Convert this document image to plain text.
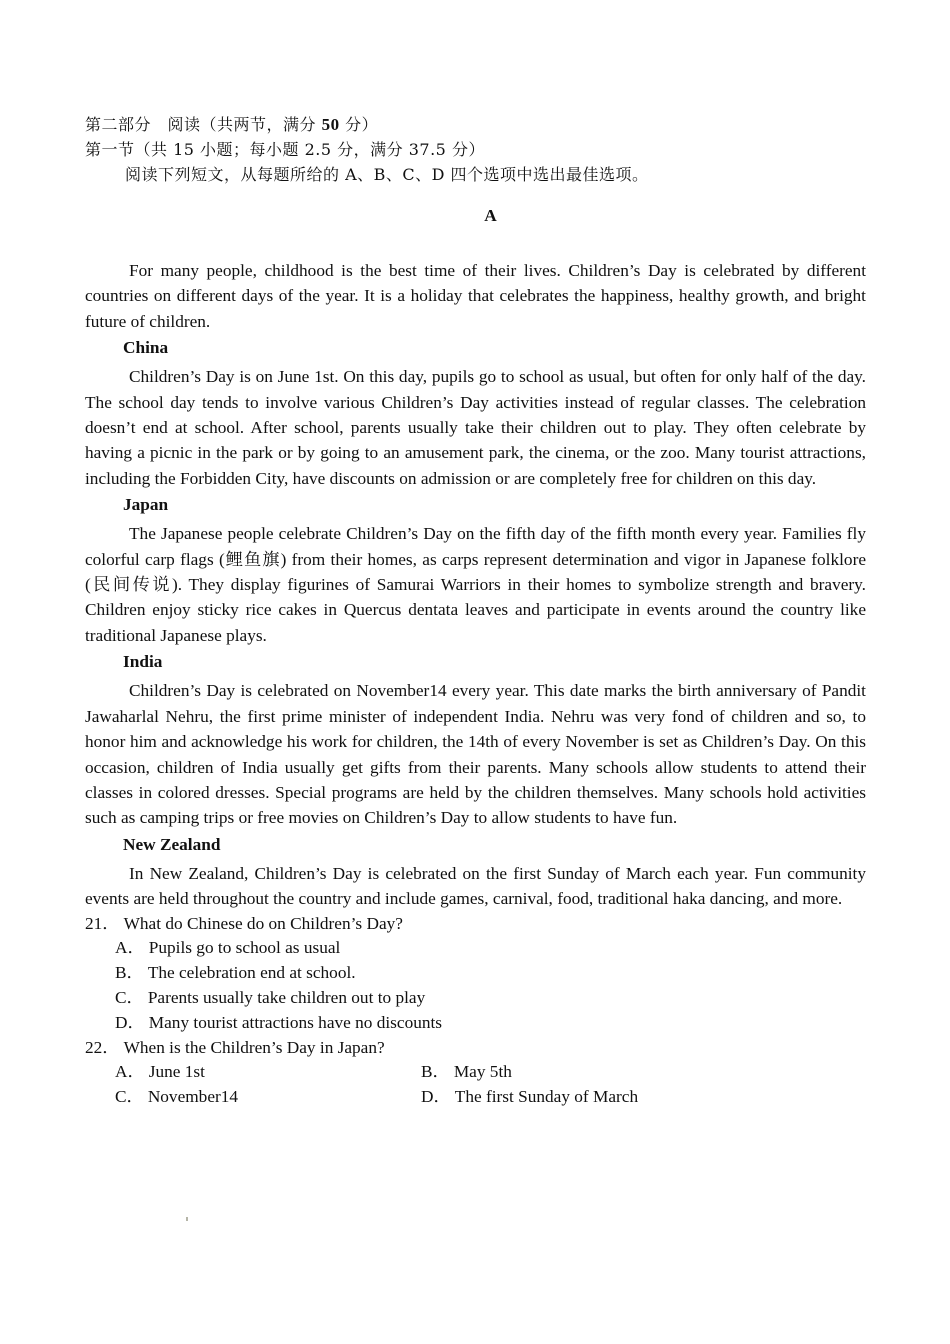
第二部分　阅读（共两节，满分 50 分）
第一节（共 15 小题；每小题 2.5 分，满分 37.5 分）
阅读下列短文，从每题所给的 A、B、C、D 四个选项中选出最佳选项。
A
For many people, childhood is the best time of their lives. Children’s Day is celebrated by different countries on different days of the year. It is a holiday that celebrates the happiness, healthy growth, and bright future of children.
China
Children’s Day is on June 1st. On this day, pupils go to school as usual, but often for only half of the day. The school day tends to involve various Children’s Day activities instead of regular classes. The celebration doesn’t end at school. After school, parents usually take their children out to play. They often celebrate by having a picnic in the park or by going to an amusement park, the cinema, or the zoo. Many tourist attractions, including the Forbidden City, have discounts on admission or are completely free for children on this day.
Japan
The Japanese people celebrate Children’s Day on the fifth day of the fifth month every year. Families fly colorful carp flags (鲤鱼旗) from their homes, as carps represent determination and vigor in Japanese folklore (民间传说). They display figurines of Samurai Warriors in their homes to symbolize strength and bravery. Children enjoy sticky rice cakes in Quercus dentata leaves and participate in events around the country like traditional Japanese plays.
India
Children’s Day is celebrated on November14 every year. This date marks the birth anniversary of Pandit Jawaharlal Nehru, the first prime minister of independent India. Nehru was very fond of children and so, to honor him and acknowledge his work for children, the 14th of every November is set as Children’s Day. On this occasion, children of India usually get gifts from their parents. Many schools allow students to attend their classes in colored dresses. Special programs are held by the children themselves. Many schools hold activities such as camping trips or free movies on Children’s Day to allow students to have fun.
New Zealand
In New Zealand, Children’s Day is celebrated on the first Sunday of March each year. Fun community events are held throughout the country and include games, carnival, food, traditional haka dancing, and more.
21． What do Chinese do on Children’s Day?
A． Pupils go to school as usual
B． The celebration end at school.
C． Parents usually take children out to play
D． Many tourist attractions have no discounts
22． When is the Children’s Day in Japan?
A． June 1st	B． May 5th
C． November14	D． The first Sunday of March
